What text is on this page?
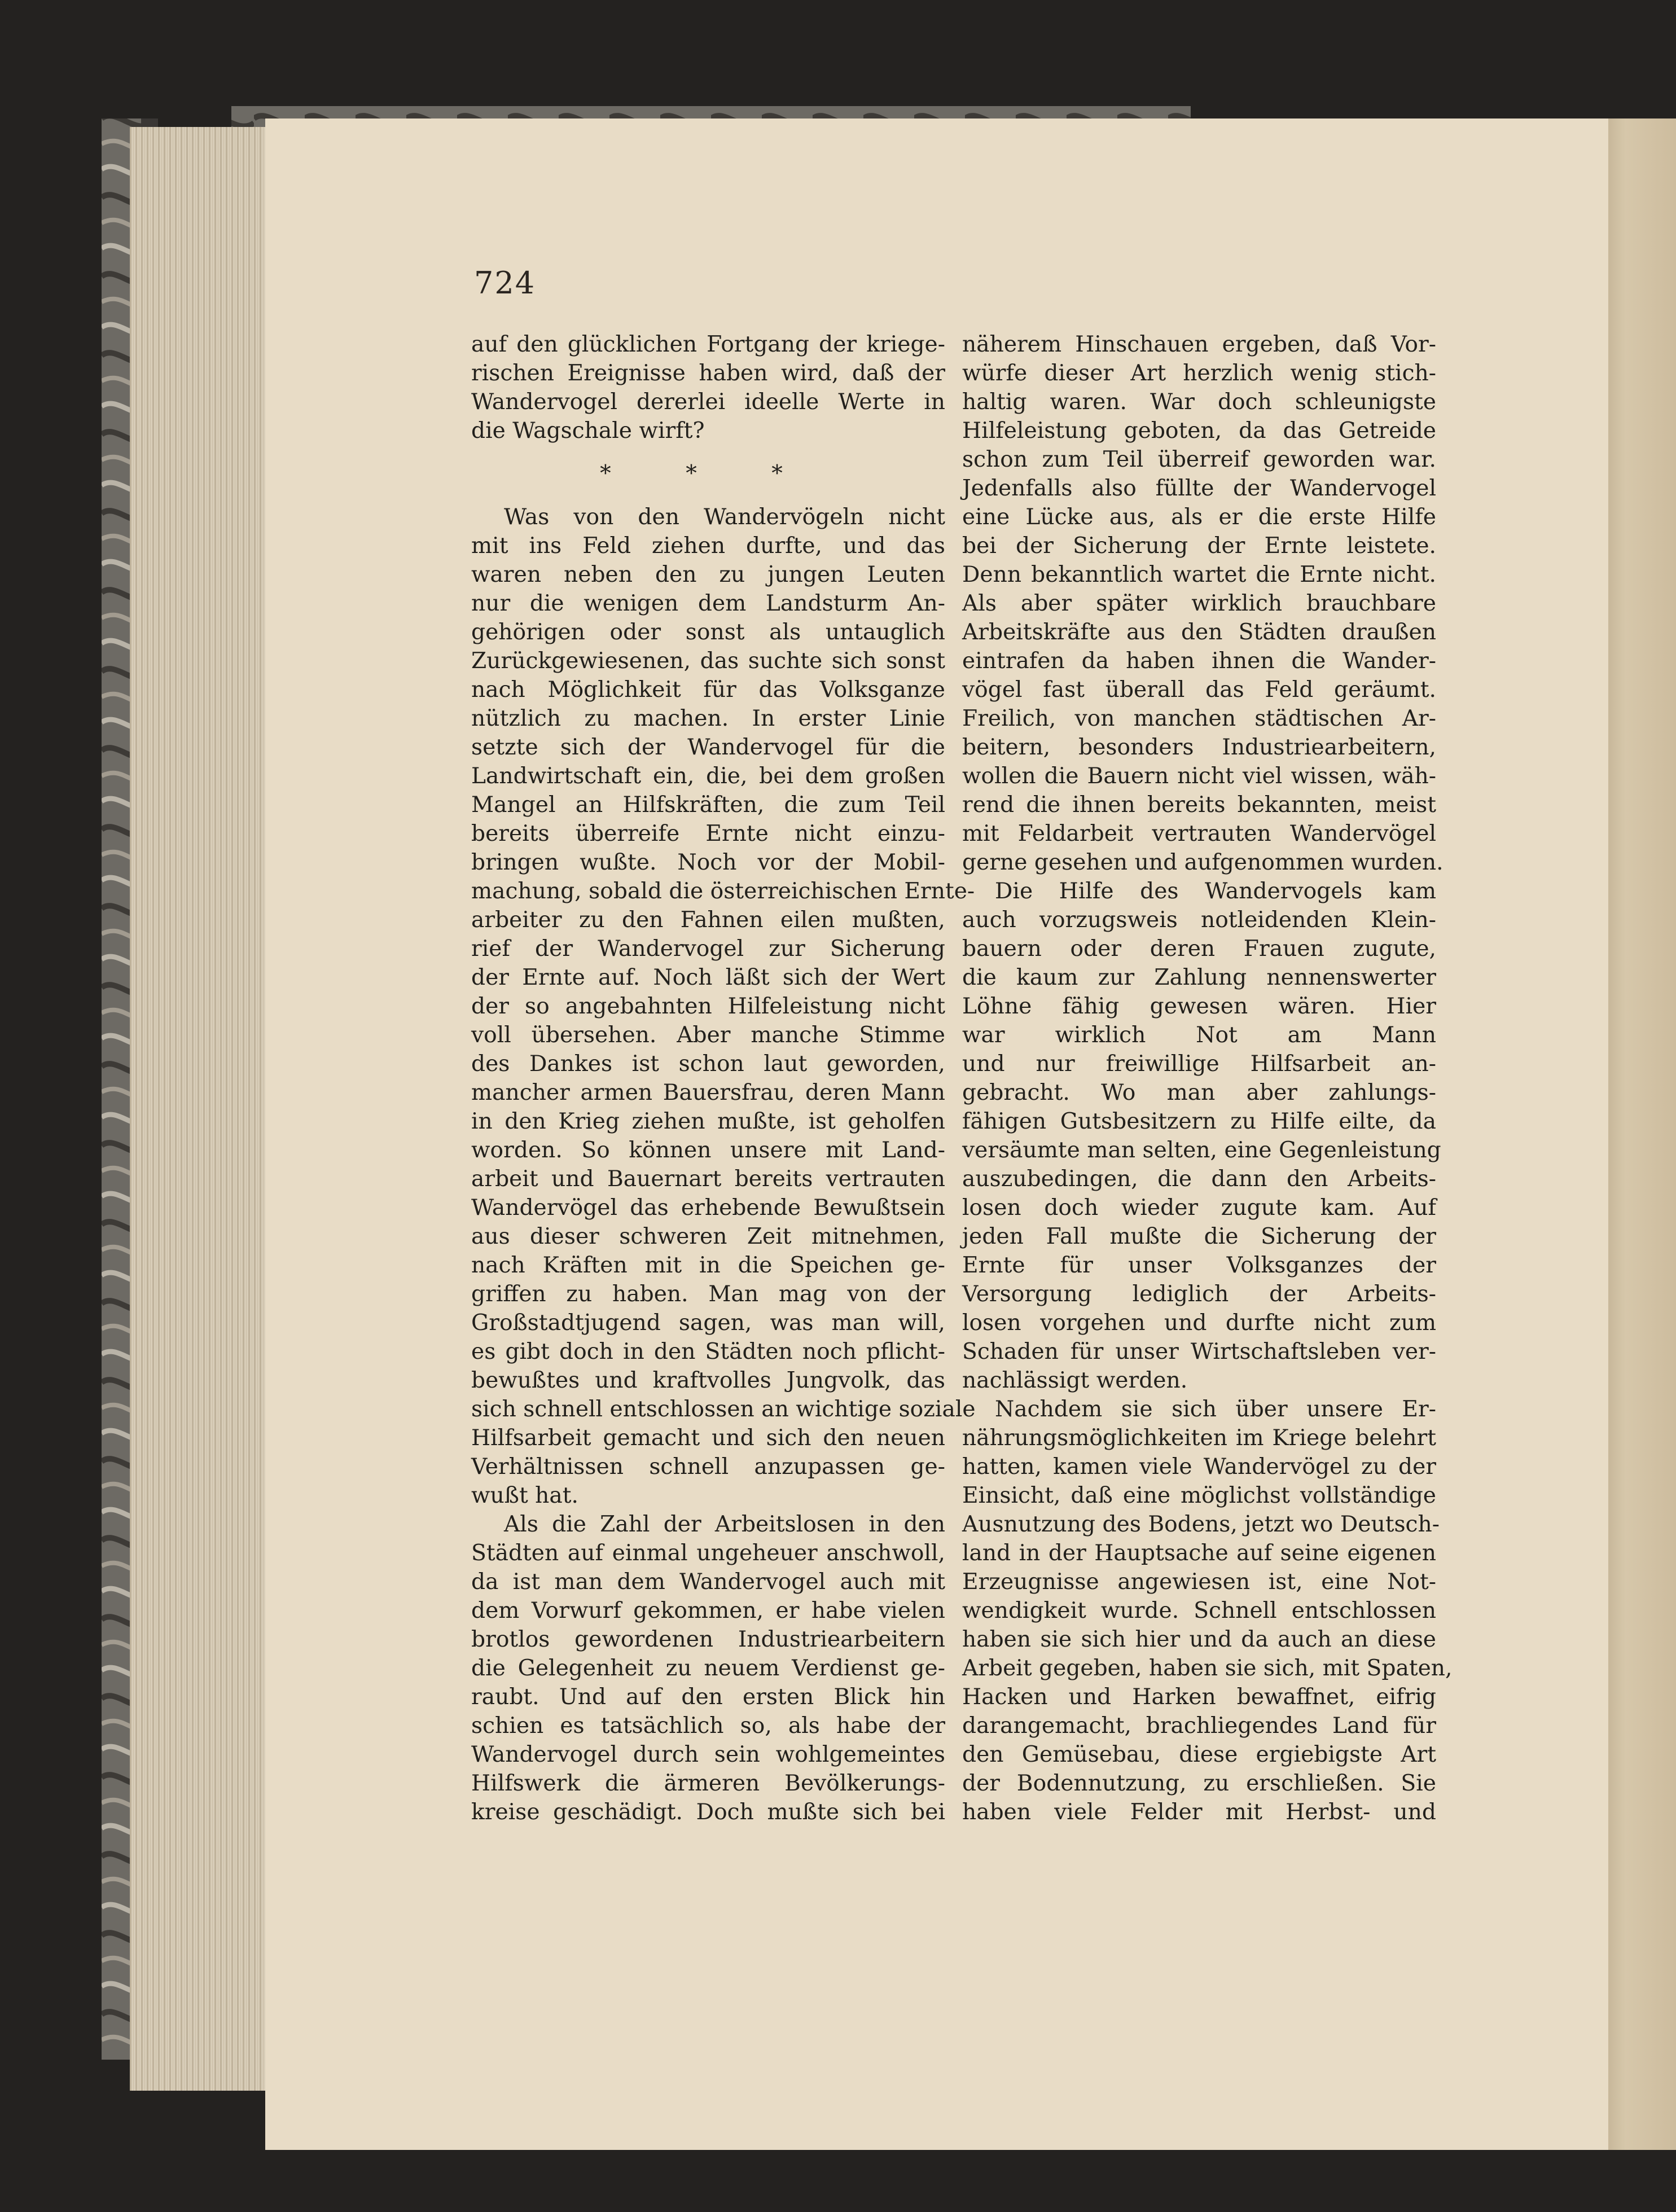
724
auf den glücklichen Fortgang der kriege-
rischen Ereignisse haben wird, daß der
Wandervogel dererlei ideelle Werte in
die Wagschale wirft?
* * *
Was von den Wandervögeln nicht
mit ins Feld ziehen durfte, und das
waren neben den zu jungen Leuten
nur die wenigen dem Landsturm An-
gehörigen oder sonst als untauglich
Zurückgewiesenen, das suchte sich sonst
nach Möglichkeit für das Volksganze
nützlich zu machen. In erster Linie
setzte sich der Wandervogel für die
Landwirtschaft ein, die, bei dem großen
Mangel an Hilfskräften, die zum Teil
bereits überreife Ernte nicht einzu-
bringen wußte. Noch vor der Mobil-
machung, sobald die österreichischen Ernte-
arbeiter zu den Fahnen eilen mußten,
rief der Wandervogel zur Sicherung
der Ernte auf. Noch läßt sich der Wert
der so angebahnten Hilfeleistung nicht
voll übersehen. Aber manche Stimme
des Dankes ist schon laut geworden,
mancher armen Bauersfrau, deren Mann
in den Krieg ziehen mußte, ist geholfen
worden. So können unsere mit Land-
arbeit und Bauernart bereits vertrauten
Wandervögel das erhebende Bewußtsein
aus dieser schweren Zeit mitnehmen,
nach Kräften mit in die Speichen ge-
griffen zu haben. Man mag von der
Großstadtjugend sagen, was man will,
es gibt doch in den Städten noch pflicht-
bewußtes und kraftvolles Jungvolk, das
sich schnell entschlossen an wichtige soziale
Hilfsarbeit gemacht und sich den neuen
Verhältnissen schnell anzupassen ge-
wußt hat.
Als die Zahl der Arbeitslosen in den
Städten auf einmal ungeheuer anschwoll,
da ist man dem Wandervogel auch mit
dem Vorwurf gekommen, er habe vielen
brotlos gewordenen Industriearbeitern
die Gelegenheit zu neuem Verdienst ge-
raubt. Und auf den ersten Blick hin
schien es tatsächlich so, als habe der
Wandervogel durch sein wohlgemeintes
Hilfswerk die ärmeren Bevölkerungs-
kreise geschädigt. Doch mußte sich bei
näherem Hinschauen ergeben, daß Vor-
würfe dieser Art herzlich wenig stich-
haltig waren. War doch schleunigste
Hilfeleistung geboten, da das Getreide
schon zum Teil überreif geworden war.
Jedenfalls also füllte der Wandervogel
eine Lücke aus, als er die erste Hilfe
bei der Sicherung der Ernte leistete.
Denn bekanntlich wartet die Ernte nicht.
Als aber später wirklich brauchbare
Arbeitskräfte aus den Städten draußen
eintrafen da haben ihnen die Wander-
vögel fast überall das Feld geräumt.
Freilich, von manchen städtischen Ar-
beitern, besonders Industriearbeitern,
wollen die Bauern nicht viel wissen, wäh-
rend die ihnen bereits bekannten, meist
mit Feldarbeit vertrauten Wandervögel
gerne gesehen und aufgenommen wurden.
Die Hilfe des Wandervogels kam
auch vorzugsweis notleidenden Klein-
bauern oder deren Frauen zugute,
die kaum zur Zahlung nennenswerter
Löhne fähig gewesen wären. Hier
war wirklich Not am Mann
und nur freiwillige Hilfsarbeit an-
gebracht. Wo man aber zahlungs-
fähigen Gutsbesitzern zu Hilfe eilte, da
versäumte man selten, eine Gegenleistung
auszubedingen, die dann den Arbeits-
losen doch wieder zugute kam. Auf
jeden Fall mußte die Sicherung der
Ernte für unser Volksganzes der
Versorgung lediglich der Arbeits-
losen vorgehen und durfte nicht zum
Schaden für unser Wirtschaftsleben ver-
nachlässigt werden.
Nachdem sie sich über unsere Er-
nährungsmöglichkeiten im Kriege belehrt
hatten, kamen viele Wandervögel zu der
Einsicht, daß eine möglichst vollständige
Ausnutzung des Bodens, jetzt wo Deutsch-
land in der Hauptsache auf seine eigenen
Erzeugnisse angewiesen ist, eine Not-
wendigkeit wurde. Schnell entschlossen
haben sie sich hier und da auch an diese
Arbeit gegeben, haben sie sich, mit Spaten,
Hacken und Harken bewaffnet, eifrig
darangemacht, brachliegendes Land für
den Gemüsebau, diese ergiebigste Art
der Bodennutzung, zu erschließen. Sie
haben viele Felder mit Herbst- und
